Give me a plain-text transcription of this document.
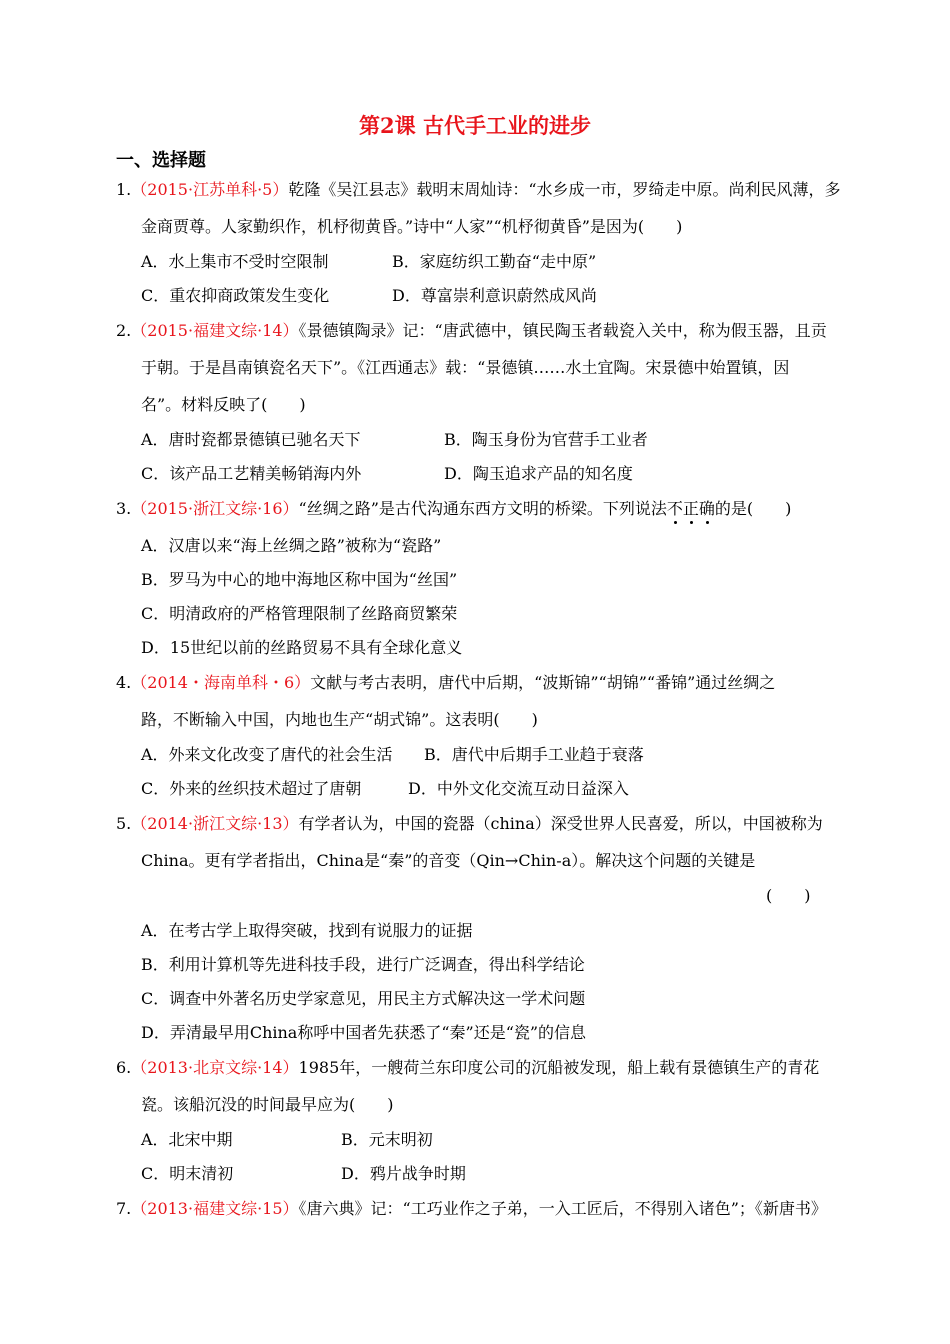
第2课 古代手工业的进步
一、选择题
1.（2015·江苏单科·5）乾隆《吴江县志》载明末周灿诗：“水乡成一市，罗绮走中原。尚利民风薄，多
金商贾尊。人家勤织作，机杼彻黄昏。”诗中“人家”“机杼彻黄昏”是因为(　　)
A．水上集市不受时空限制	B．家庭纺织工勤奋“走中原”
C．重农抑商政策发生变化	D．尊富崇利意识蔚然成风尚
2.（2015·福建文综·14）《景德镇陶录》记：“唐武德中，镇民陶玉者载瓷入关中，称为假玉器，且贡
于朝。于是昌南镇瓷名天下”。《江西通志》载：“景德镇……水土宜陶。宋景德中始置镇，因
名”。材料反映了(　　)
A．唐时瓷都景德镇已驰名天下	B．陶玉身份为官营手工业者
C．该产品工艺精美畅销海内外	D．陶玉追求产品的知名度
3.（2015·浙江文综·16）“丝绸之路”是古代沟通东西方文明的桥梁。下列说法不正确
的是(　　)
A．汉唐以来“海上丝绸之路”被称为“瓷路”
B．罗马为中心的地中海地区称中国为“丝国”
C．明清政府的严格管理限制了丝路商贸繁荣
D．15世纪以前的丝路贸易不具有全球化意义
4.（2014・海南单科・6）文献与考古表明，唐代中后期，“波斯锦”“胡锦”“番锦”通过丝绸之
路，不断输入中国，内地也生产“胡式锦”。这表明(　　)
A．外来文化改变了唐代的社会生活 B．唐代中后期手工业趋于衰落
C．外来的丝织技术超过了唐朝	D．中外文化交流互动日益深入
5.（2014·浙江文综·13）有学者认为，中国的瓷器（china）深受世界人民喜爱，所以，中国被称为
China。更有学者指出，China是“秦”的音变（Qin→Chin-a）。解决这个问题的关键是
(　　)
A．在考古学上取得突破，找到有说服力的证据
B．利用计算机等先进科技手段，进行广泛调查，得出科学结论
C．调查中外著名历史学家意见，用民主方式解决这一学术问题
D．弄清最早用China称呼中国者先获悉了“秦”还是“瓷”的信息
6.（2013·北京文综·14）1985年，一艘荷兰东印度公司的沉船被发现，船上载有景德镇生产的青花
瓷。该船沉没的时间最早应为(　　)
A．北宋中期	B．元末明初
C．明末清初	D．鸦片战争时期
7.（2013·福建文综·15）《唐六典》记：“工巧业作之子弟，一入工匠后，不得别入诸色”；《新唐书》
